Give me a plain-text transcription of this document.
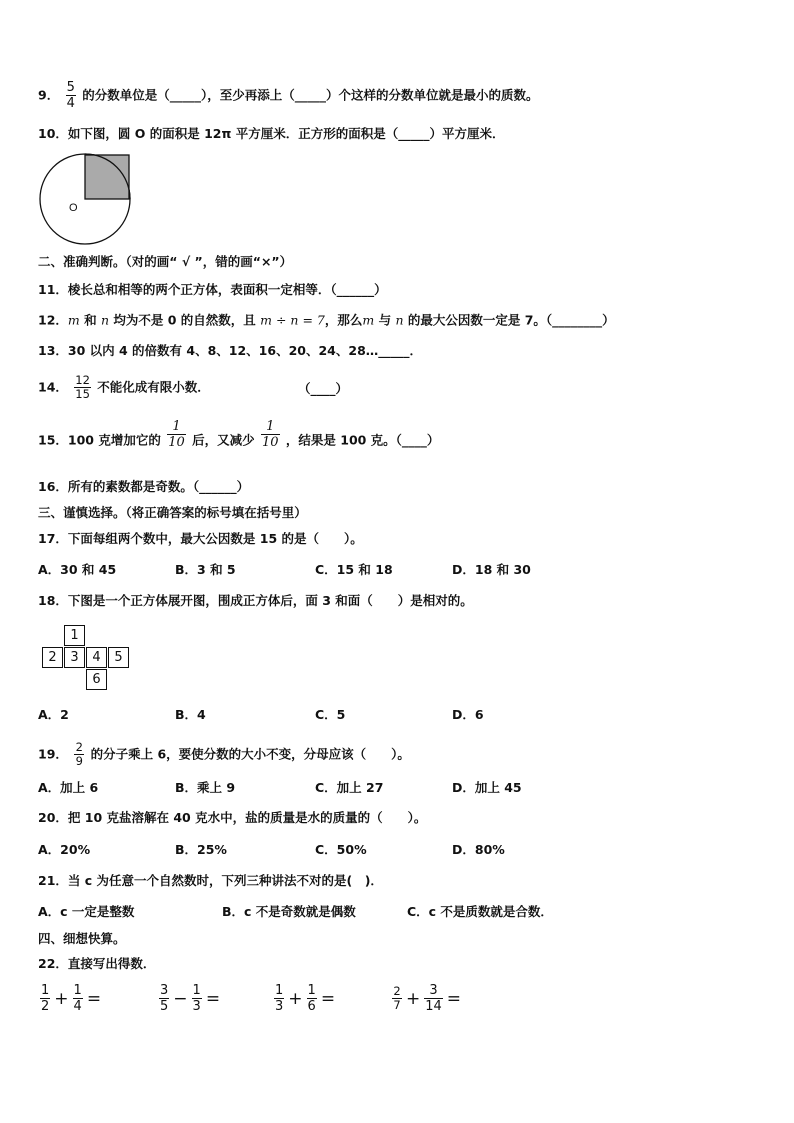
9． $\frac{5}{4}$ 的分数单位是（_____），至少再添上（_____）个这样的分数单位就是最小的质数。
10．如下图，圆 O 的面积是 12π 平方厘米．正方形的面积是（_____）平方厘米．
O
二、准确判断。（对的画“ √ ”，错的画“×”）
11．棱长总和相等的两个正方体，表面积一定相等．（______）
12．m 和 n 均为不是 0 的自然数，且 m ÷ n = 7，那么m 与 n 的最大公因数一定是 7。（________）
13．30 以内 4 的倍数有 4、8、12、16、20、24、28…_____．
14． $\frac{12}{15}$ 不能化成有限小数．	（____）
15．100 克增加它的 $\frac{1}{10}$ 后，又减少 $\frac{1}{10}$ ，结果是 100 克。（____）
16．所有的素数都是奇数。（______）
三、谨慎选择。（将正确答案的标号填在括号里）
17．下面每组两个数中，最大公因数是 15 的是（　　）。
A．30 和 45	B．3 和 5	C．15 和 18	D．18 和 30
18．下图是一个正方体展开图，围成正方体后，面 3 和面（　　）是相对的。
1
2	3	4	5
6
A．2	B．4	C．5	D．6
19． $\frac{2}{9}$ 的分子乘上 6，要使分数的大小不变，分母应该（　　）。
A．加上 6	B．乘上 9	C．加上 27	D．加上 45
20．把 10 克盐溶解在 40 克水中，盐的质量是水的质量的（　　）。
A．20%	B．25%	C．50%	D．80%
21．当 c 为任意一个自然数时，下列三种讲法不对的是(　)．
A．c 一定是整数	B．c 不是奇数就是偶数	C．c 不是质数就是合数．
四、细想快算。
22．直接写出得数．
$\frac{1}{2} + \frac{1}{4}$ =	$\frac{3}{5} - \frac{1}{3}$ =	$\frac{1}{3} + \frac{1}{6}$ =	$\frac{2}{7} + \frac{3}{14}$ =
